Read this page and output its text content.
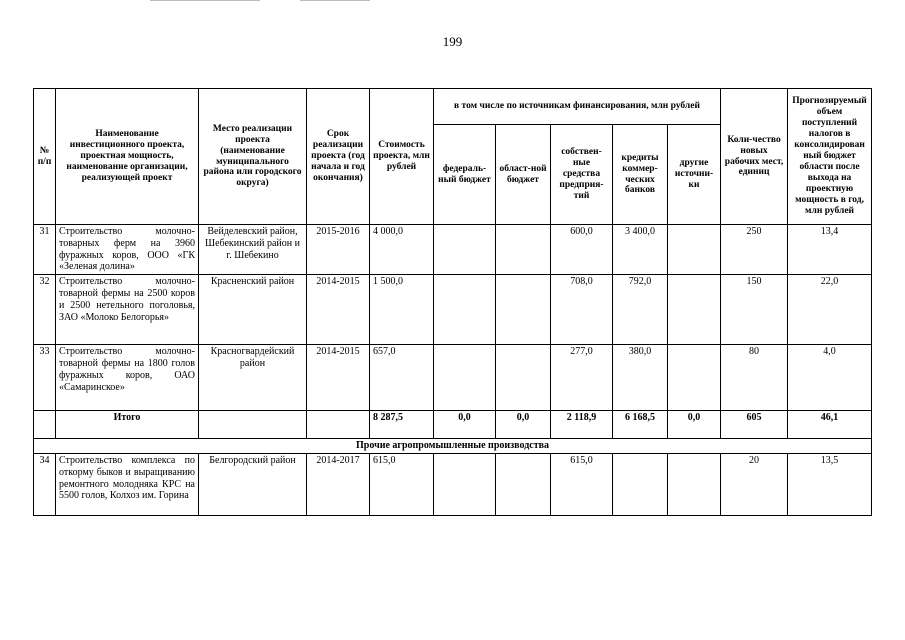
199
№ п/п	Наименование инвестиционного проекта, проектная мощность, наименование организации, реализующей проект	Место реализации проекта (наименование муниципального района или городского округа)	Срок реализации проекта (год начала и год окончания)	Стоимость проекта, млн рублей	в том числе по источникам финансирования, млн рублей					Коли-чество новых рабочих мест, единиц	Прогнозируемый объем поступлений налогов в консолидирован ный бюджет области после выхода на проектную мощность в год, млн рублей
					федераль-ный бюджет	област-ной бюджет	собствен-ные средства предприя-тий	кредиты коммер-ческих банков	другие источни-ки		
31	Строительство молочно-товарных ферм на 3960 фуражных коров, ООО «ГК «Зеленая долина»	Вейделевский район, Шебекинский район и г. Шебекино	2015-2016	4 000,0			600,0	3 400,0		250	13,4
32	Строительство молочно-товарной фермы на 2500 коров и 2500 нетельного поголовья, ЗАО «Молоко Белогорья»	Красненский район	2014-2015	1 500,0			708,0	792,0		150	22,0
33	Строительство молочно-товарной фермы на 1800 голов фуражных коров, ОАО «Самаринское»	Красногвардейский район	2014-2015	657,0			277,0	380,0		80	4,0
	Итого			8 287,5	0,0	0,0	2 118,9	6 168,5	0,0	605	46,1
Прочие агропромышленные производства											
34	Строительство комплекса по откорму быков и выращиванию ремонтного молодняка КРС на 5500 голов, Колхоз им. Горина	Белгородский район	2014-2017	615,0			615,0			20	13,5
